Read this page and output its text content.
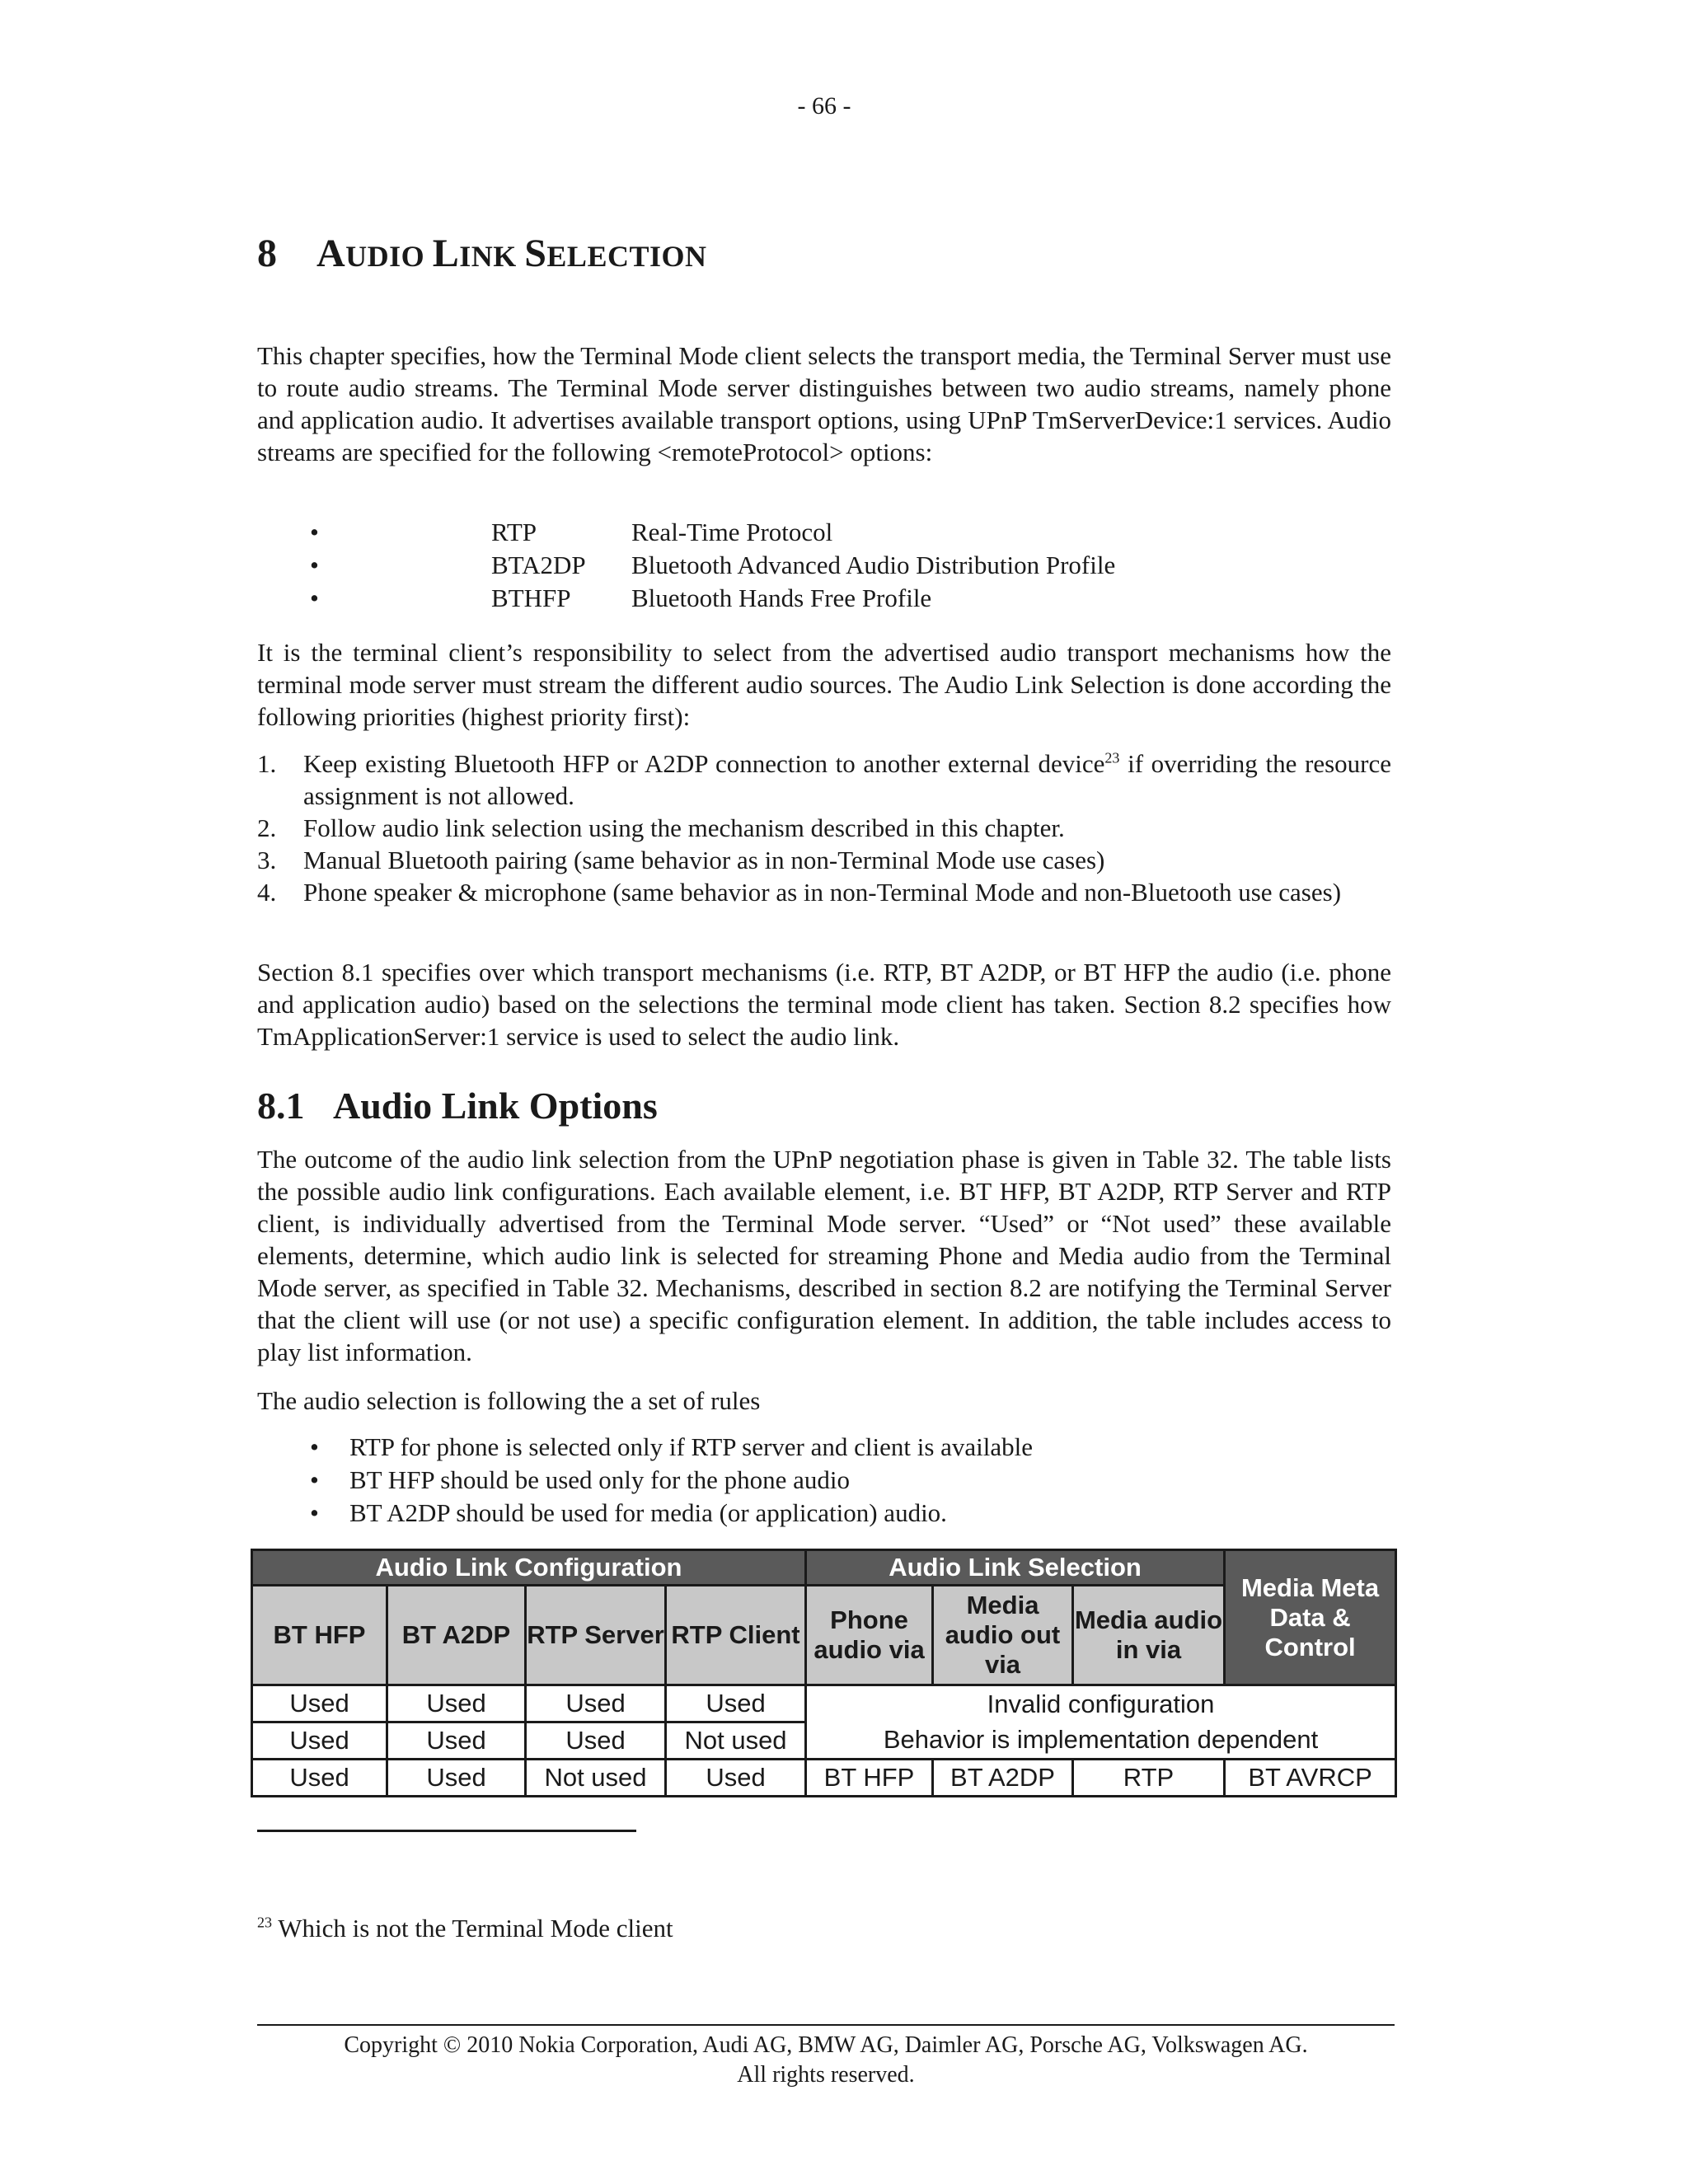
- 66 -
8 AUDIO LINK SELECTION

This chapter specifies, how the Terminal Mode client selects the transport media, the Terminal Server must use to route audio streams. The Terminal Mode server distinguishes between two audio streams, namely phone and application audio. It advertises available transport options, using UPnP TmServerDevice:1 services. Audio streams are specified for the following <remoteProtocol> options:

•	RTP	Real-Time Protocol
•	BTA2DP Bluetooth Advanced Audio Distribution Profile
•	BTHFP Bluetooth Hands Free Profile

It is the terminal client’s responsibility to select from the advertised audio transport mechanisms how the terminal mode server must stream the different audio sources. The Audio Link Selection is done according the following priorities (highest priority first):

1. Keep existing Bluetooth HFP or A2DP connection to another external device$^{23}$ if overriding the resource assignment is not allowed.
2. Follow audio link selection using the mechanism described in this chapter.
3. Manual Bluetooth pairing (same behavior as in non-Terminal Mode use cases)
4. Phone speaker & microphone (same behavior as in non-Terminal Mode and non-Bluetooth use cases)

Section 8.1 specifies over which transport mechanisms (i.e. RTP, BT A2DP, or BT HFP the audio (i.e. phone and application audio) based on the selections the terminal mode client has taken. Section 8.2 specifies how TmApplicationServer:1 service is used to select the audio link.

8.1 Audio Link Options

The outcome of the audio link selection from the UPnP negotiation phase is given in Table 32. The table lists the possible audio link configurations. Each available element, i.e. BT HFP, BT A2DP, RTP Server and RTP client, is individually advertised from the Terminal Mode server. “Used” or “Not used” these available elements, determine, which audio link is selected for streaming Phone and Media audio from the Terminal Mode server, as specified in Table 32. Mechanisms, described in section 8.2 are notifying the Terminal Server that the client will use (or not use) a specific configuration element. In addition, the table includes access to play list information.

The audio selection is following the a set of rules

• RTP for phone is selected only if RTP server and client is available
• BT HFP should be used only for the phone audio
• BT A2DP should be used for media (or application) audio.
Audio Link Configuration				Audio Link Selection			Media Meta Data & Control
BT HFP	BT A2DP	RTP Server	RTP Client	Phone audio via	Media audio out via	Media audio in via	
Used	Used	Used	Used	Invalid configuration			
Used	Used	Used	Not used	Behavior is implementation dependent			
Used	Used	Not used	Used	BT HFP	BT A2DP	RTP	BT AVRCP
$^{23}$ Which is not the Terminal Mode client
Copyright © 2010 Nokia Corporation, Audi AG, BMW AG, Daimler AG, Porsche AG, Volkswagen AG.
All rights reserved.
